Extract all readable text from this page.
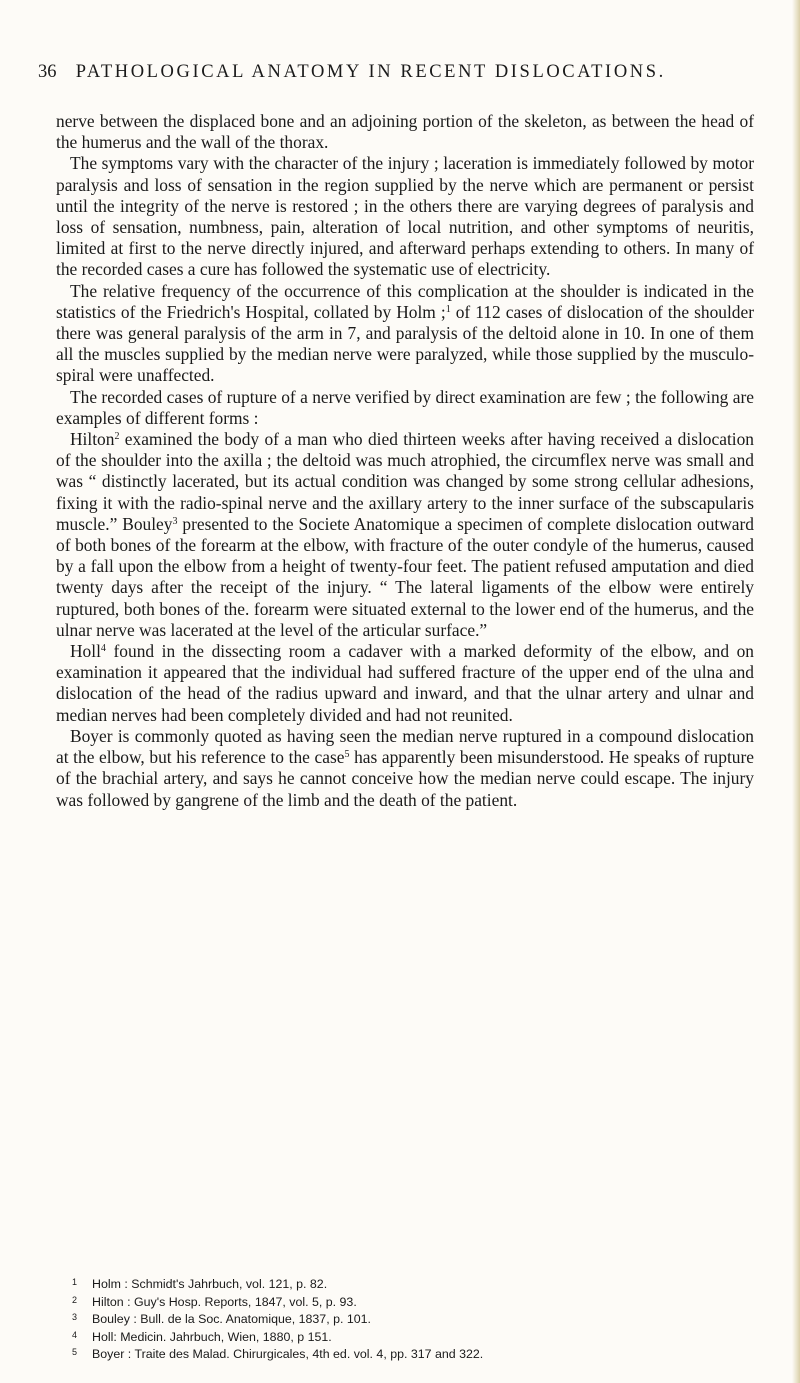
36 PATHOLOGICAL ANATOMY IN RECENT DISLOCATIONS.

nerve between the displaced bone and an adjoining portion of the skeleton, as between the head of the humerus and the wall of the thorax.

The symptoms vary with the character of the injury ; laceration is immediately followed by motor paralysis and loss of sensation in the region supplied by the nerve which are permanent or persist until the integrity of the nerve is restored ; in the others there are varying degrees of paralysis and loss of sensation, numbness, pain, alteration of local nutrition, and other symptoms of neuritis, limited at first to the nerve directly injured, and afterward perhaps extending to others. In many of the recorded cases a cure has followed the systematic use of electricity.

The relative frequency of the occurrence of this complication at the shoulder is indicated in the statistics of the Friedrich's Hospital, collated by Holm ;$^1$ of 112 cases of dislocation of the shoulder there was general paralysis of the arm in 7, and paralysis of the deltoid alone in 10. In one of them all the muscles supplied by the median nerve were paralyzed, while those supplied by the musculo-spiral were unaffected.

The recorded cases of rupture of a nerve verified by direct examination are few ; the following are examples of different forms :

Hilton$^2$ examined the body of a man who died thirteen weeks after having received a dislocation of the shoulder into the axilla ; the deltoid was much atrophied, the circumflex nerve was small and was “ distinctly lacerated, but its actual condition was changed by some strong cellular adhesions, fixing it with the radio-spinal nerve and the axillary artery to the inner surface of the subscapularis muscle.” Bouley$^3$ presented to the Societe Anatomique a specimen of complete dislocation outward of both bones of the forearm at the elbow, with fracture of the outer condyle of the humerus, caused by a fall upon the elbow from a height of twenty-four feet. The patient refused amputation and died twenty days after the receipt of the injury. “ The lateral ligaments of the elbow were entirely ruptured, both bones of the. forearm were situated external to the lower end of the humerus, and the ulnar nerve was lacerated at the level of the articular surface.”

Holl$^4$ found in the dissecting room a cadaver with a marked deformity of the elbow, and on examination it appeared that the individual had suffered fracture of the upper end of the ulna and dislocation of the head of the radius upward and inward, and that the ulnar artery and ulnar and median nerves had been completely divided and had not reunited.

Boyer is commonly quoted as having seen the median nerve ruptured in a compound dislocation at the elbow, but his reference to the case$^5$ has apparently been misunderstood. He speaks of rupture of the brachial artery, and says he cannot conceive how the median nerve could escape. The injury was followed by gangrene of the limb and the death of the patient.

1 Holm : Schmidt's Jahrbuch, vol. 121, p. 82.

2 Hilton : Guy's Hosp. Reports, 1847, vol. 5, p. 93.

3 Bouley : Bull. de la Soc. Anatomique, 1837, p. 101.

4 Holl: Medicin. Jahrbuch, Wien, 1880, p 151.

5 Boyer : Traite des Malad. Chirurgicales, 4th ed. vol. 4, pp. 317 and 322.
